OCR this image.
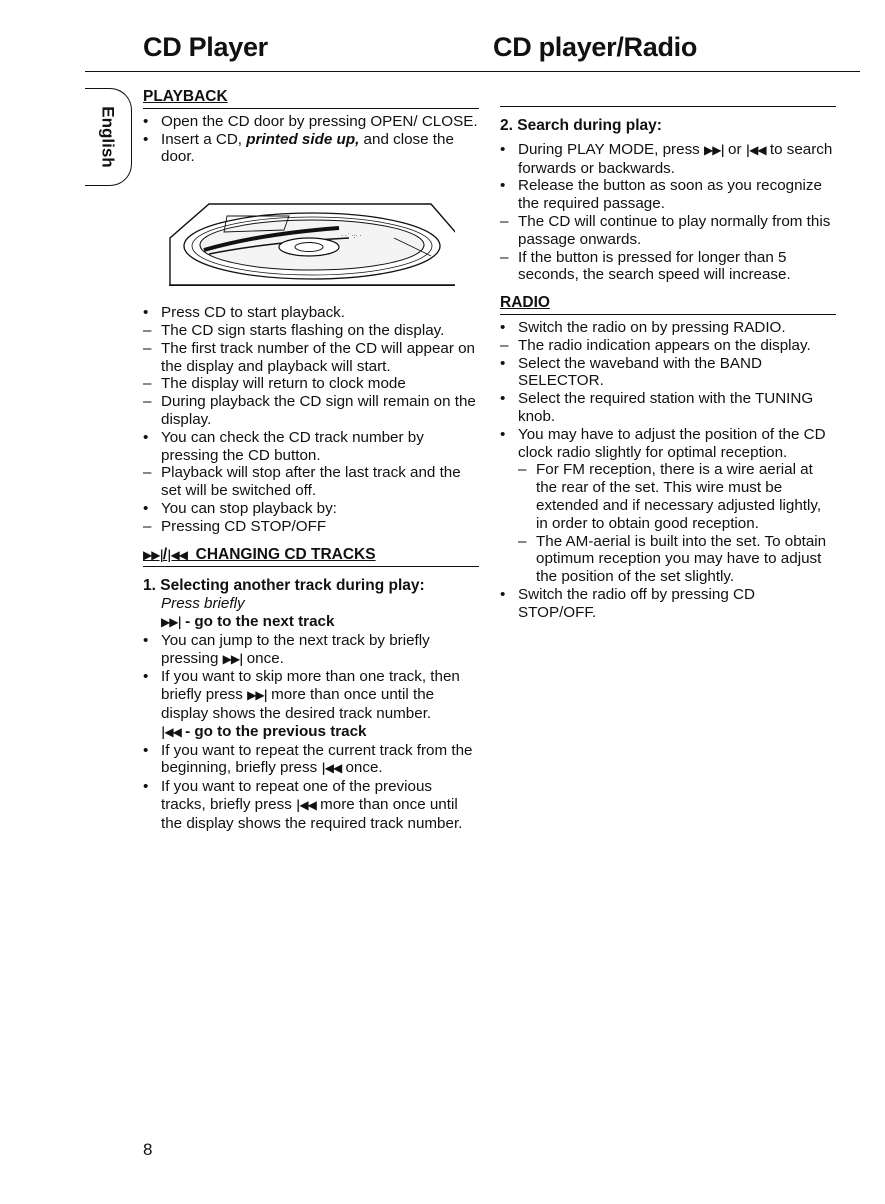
CD Player	CD player/Radio
English
PLAYBACK
• Open the CD door by pressing OPEN/ CLOSE.
• Insert a CD, printed side up, and close the door.
· ·˙ ·:· ·
• Press CD to start playback.
– The CD sign starts flashing on the display.
– The first track number of the CD will appear on the display and playback will start.
– The display will return to clock mode
– During playback the CD sign will remain on the display.
• You can check the CD track number by pressing the CD button.
– Playback will stop after the last track and the set will be switched off.
• You can stop playback by:
– Pressing CD STOP/OFF
▶▶|/|◀◀ CHANGING CD TRACKS
1. Selecting another track during play:
Press briefly
▶▶| - go to the next track
• You can jump to the next track by briefly pressing ▶▶| once.
• If you want to skip more than one track, then briefly press ▶▶| more than once until the display shows the desired track number.
|◀◀ - go to the previous track
• If you want to repeat the current track from the beginning, briefly press |◀◀ once.
• If you want to repeat one of the previous tracks, briefly press |◀◀ more than once until the display shows the required track number.
2. Search during play:
• During PLAY MODE, press ▶▶| or |◀◀ to search forwards or backwards.
• Release the button as soon as you recognize the required passage.
– The CD will continue to play normally from this passage onwards.
– If the button is pressed for longer than 5 seconds, the search speed will increase.
RADIO
• Switch the radio on by pressing RADIO.
– The radio indication appears on the display.
• Select the waveband with the BAND SELECTOR.
• Select the required station with the TUNING knob.
• You may have to adjust the position of the CD clock radio slightly for optimal reception.
– For FM reception, there is a wire aerial at the rear of the set. This wire must be extended and if necessary adjusted lightly, in order to obtain good reception.
– The AM-aerial is built into the set. To obtain optimum reception you may have to adjust the position of the set slightly.
• Switch the radio off by pressing CD STOP/OFF.
8
